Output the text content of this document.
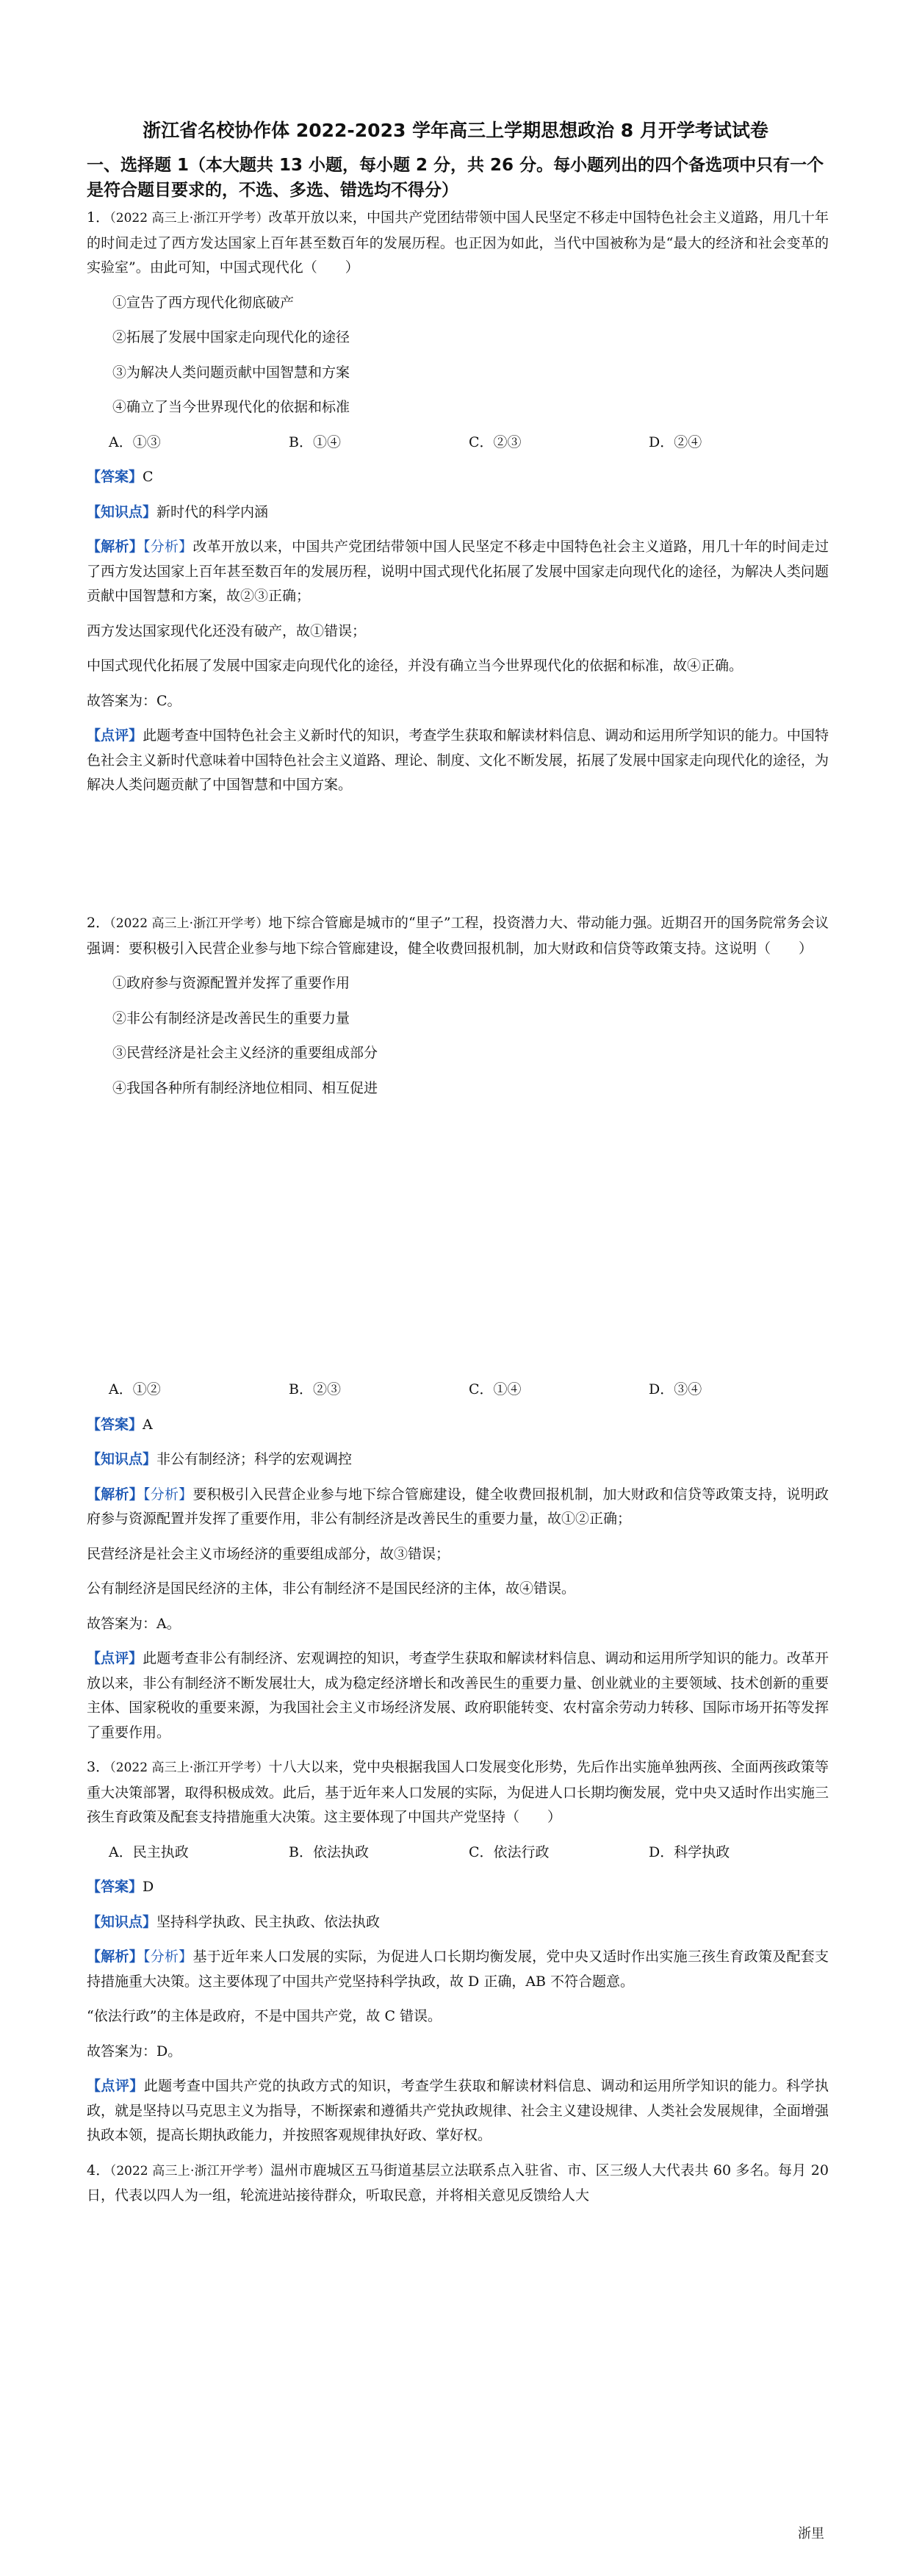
浙江省名校协作体 2022-2023 学年高三上学期思想政治 8 月开学考试试卷
一、选择题 1（本大题共 13 小题，每小题 2 分，共 26 分。每小题列出的四个备选项中只有一个是符合题目要求的，不选、多选、错选均不得分）

1．（2022 高三上·浙江开学考）改革开放以来，中国共产党团结带领中国人民坚定不移走中国特色社会主义道路，用几十年的时间走过了西方发达国家上百年甚至数百年的发展历程。也正因为如此，当代中国被称为是“最大的经济和社会变革的实验室”。由此可知，中国式现代化（　　）

①宣告了西方现代化彻底破产

②拓展了发展中国家走向现代化的途径

③为解决人类问题贡献中国智慧和方案

④确立了当今世界现代化的依据和标准

A．①③	B．①④	C．②③	D．②④

【答案】C

【知识点】新时代的科学内涵

【解析】【分析】改革开放以来，中国共产党团结带领中国人民坚定不移走中国特色社会主义道路，用几十年的时间走过了西方发达国家上百年甚至数百年的发展历程，说明中国式现代化拓展了发展中国家走向现代化的途径，为解决人类问题贡献中国智慧和方案，故②③正确；

西方发达国家现代化还没有破产，故①错误；

中国式现代化拓展了发展中国家走向现代化的途径，并没有确立当今世界现代化的依据和标准，故④正确。

故答案为：C。

【点评】此题考查中国特色社会主义新时代的知识，考查学生获取和解读材料信息、调动和运用所学知识的能力。中国特色社会主义新时代意味着中国特色社会主义道路、理论、制度、文化不断发展，拓展了发展中国家走向现代化的途径，为解决人类问题贡献了中国智慧和中国方案。

2．（2022 高三上·浙江开学考）地下综合管廊是城市的“里子”工程，投资潜力大、带动能力强。近期召开的国务院常务会议强调：要积极引入民营企业参与地下综合管廊建设，健全收费回报机制，加大财政和信贷等政策支持。这说明（　　）

①政府参与资源配置并发挥了重要作用

②非公有制经济是改善民生的重要力量

③民营经济是社会主义经济的重要组成部分

④我国各种所有制经济地位相同、相互促进

A．①②	B．②③	C．①④	D．③④

【答案】A

【知识点】非公有制经济；科学的宏观调控

【解析】【分析】要积极引入民营企业参与地下综合管廊建设，健全收费回报机制，加大财政和信贷等政策支持，说明政府参与资源配置并发挥了重要作用，非公有制经济是改善民生的重要力量，故①②正确；

民营经济是社会主义市场经济的重要组成部分，故③错误；

公有制经济是国民经济的主体，非公有制经济不是国民经济的主体，故④错误。

故答案为：A。

【点评】此题考查非公有制经济、宏观调控的知识，考查学生获取和解读材料信息、调动和运用所学知识的能力。改革开放以来，非公有制经济不断发展壮大，成为稳定经济增长和改善民生的重要力量、创业就业的主要领域、技术创新的重要主体、国家税收的重要来源，为我国社会主义市场经济发展、政府职能转变、农村富余劳动力转移、国际市场开拓等发挥了重要作用。

3．（2022 高三上·浙江开学考）十八大以来，党中央根据我国人口发展变化形势，先后作出实施单独两孩、全面两孩政策等重大决策部署，取得积极成效。此后，基于近年来人口发展的实际，为促进人口长期均衡发展，党中央又适时作出实施三孩生育政策及配套支持措施重大决策。这主要体现了中国共产党坚持（　　）

A．民主执政	B．依法执政	C．依法行政	D．科学执政

【答案】D

【知识点】坚持科学执政、民主执政、依法执政

【解析】【分析】基于近年来人口发展的实际，为促进人口长期均衡发展，党中央又适时作出实施三孩生育政策及配套支持措施重大决策。这主要体现了中国共产党坚持科学执政，故 D 正确，AB 不符合题意。

“依法行政”的主体是政府，不是中国共产党，故 C 错误。

故答案为：D。

【点评】此题考查中国共产党的执政方式的知识，考查学生获取和解读材料信息、调动和运用所学知识的能力。科学执政，就是坚持以马克思主义为指导，不断探索和遵循共产党执政规律、社会主义建设规律、人类社会发展规律，全面增强执政本领，提高长期执政能力，并按照客观规律执好政、掌好权。

4．（2022 高三上·浙江开学考）温州市鹿城区五马街道基层立法联系点入驻省、市、区三级人大代表共 60 多名。每月 20 日，代表以四人为一组，轮流进站接待群众，听取民意，并将相关意见反馈给人大

浙里
